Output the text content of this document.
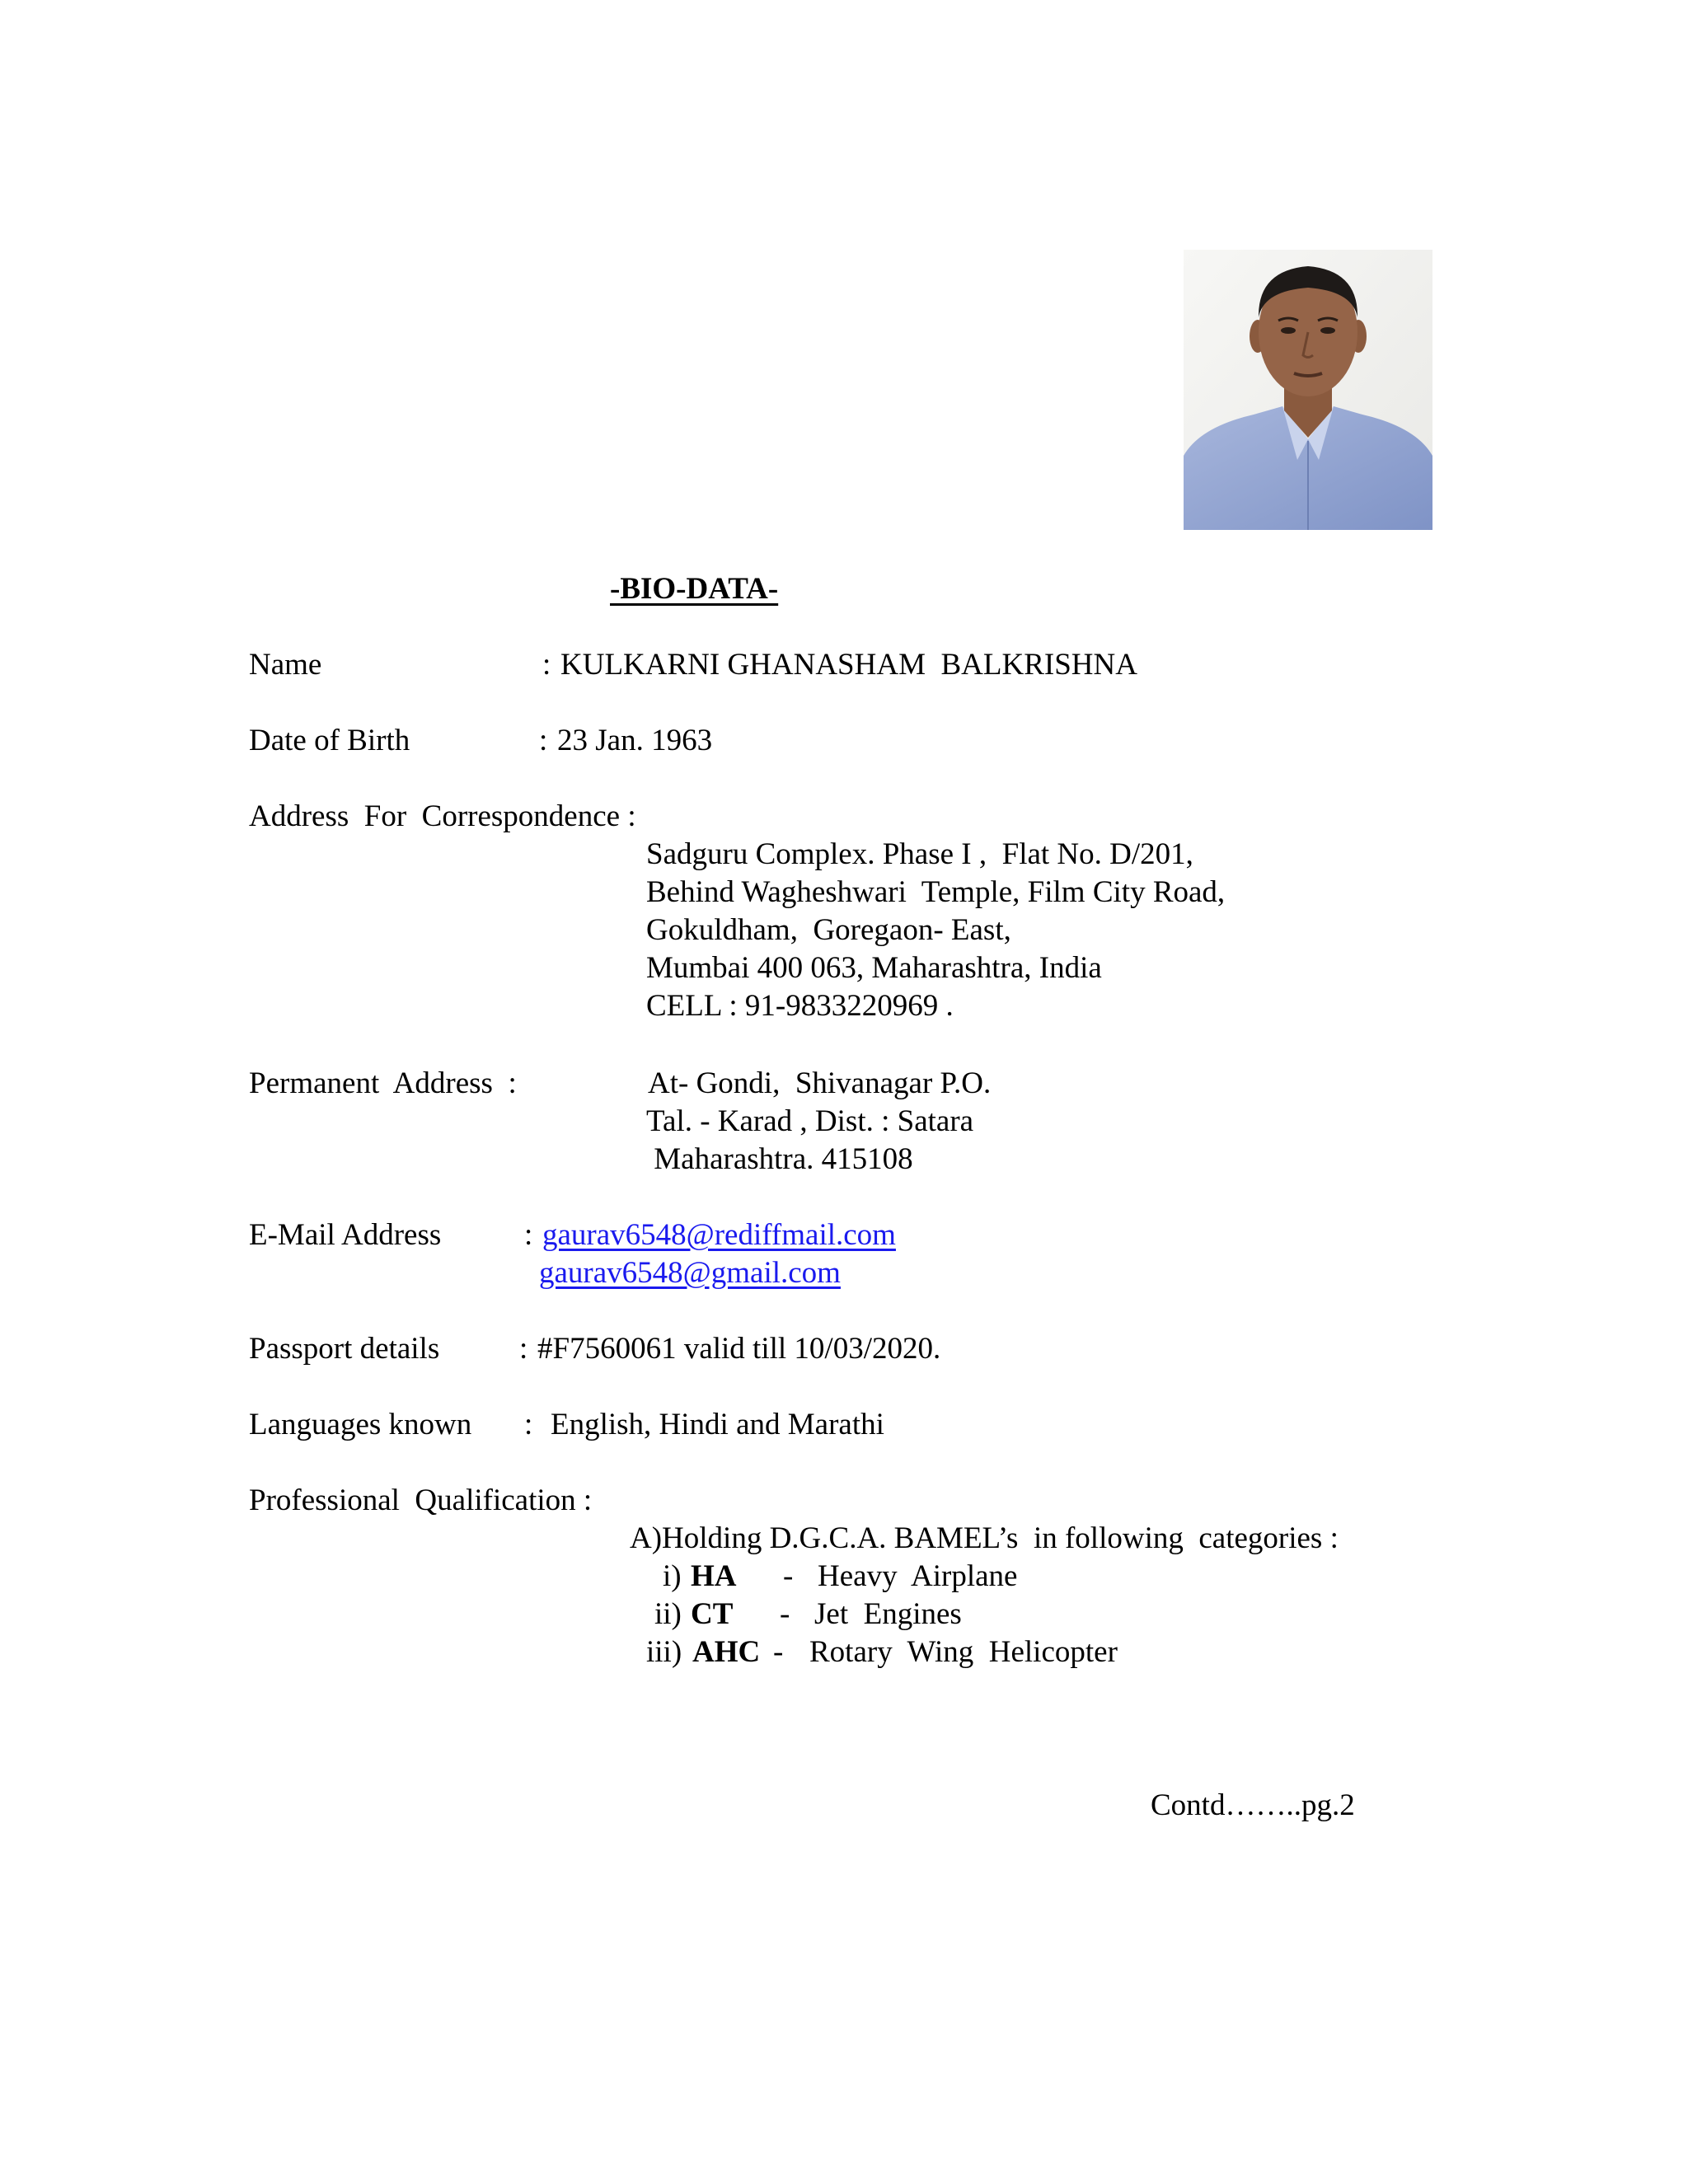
-BIO-DATA-
Name	: KULKARNI GHANASHAM  BALKRISHNA
Date of Birth	: 23 Jan. 1963
Address  For  Correspondence :
Sadguru Complex. Phase I ,  Flat No. D/201,
Behind Wagheshwari  Temple, Film City Road,
Gokuldham,  Goregaon- East,
Mumbai 400 063, Maharashtra, India
CELL : 91-9833220969 .
Permanent  Address  :	At- Gondi,  Shivanagar P.O.
Tal. - Karad , Dist. : Satara
Maharashtra. 415108
E-Mail Address	: gaurav6548@rediffmail.com
gaurav6548@gmail.com
Passport details	: #F7560061 valid till 10/03/2020.
Languages known : English, Hindi and Marathi
Professional  Qualification :
A)Holding D.G.C.A. BAMEL’s  in following  categories :
i) HA - Heavy  Airplane
ii) CT - Jet  Engines
iii) AHC - Rotary  Wing  Helicopter
Contd……..pg.2
